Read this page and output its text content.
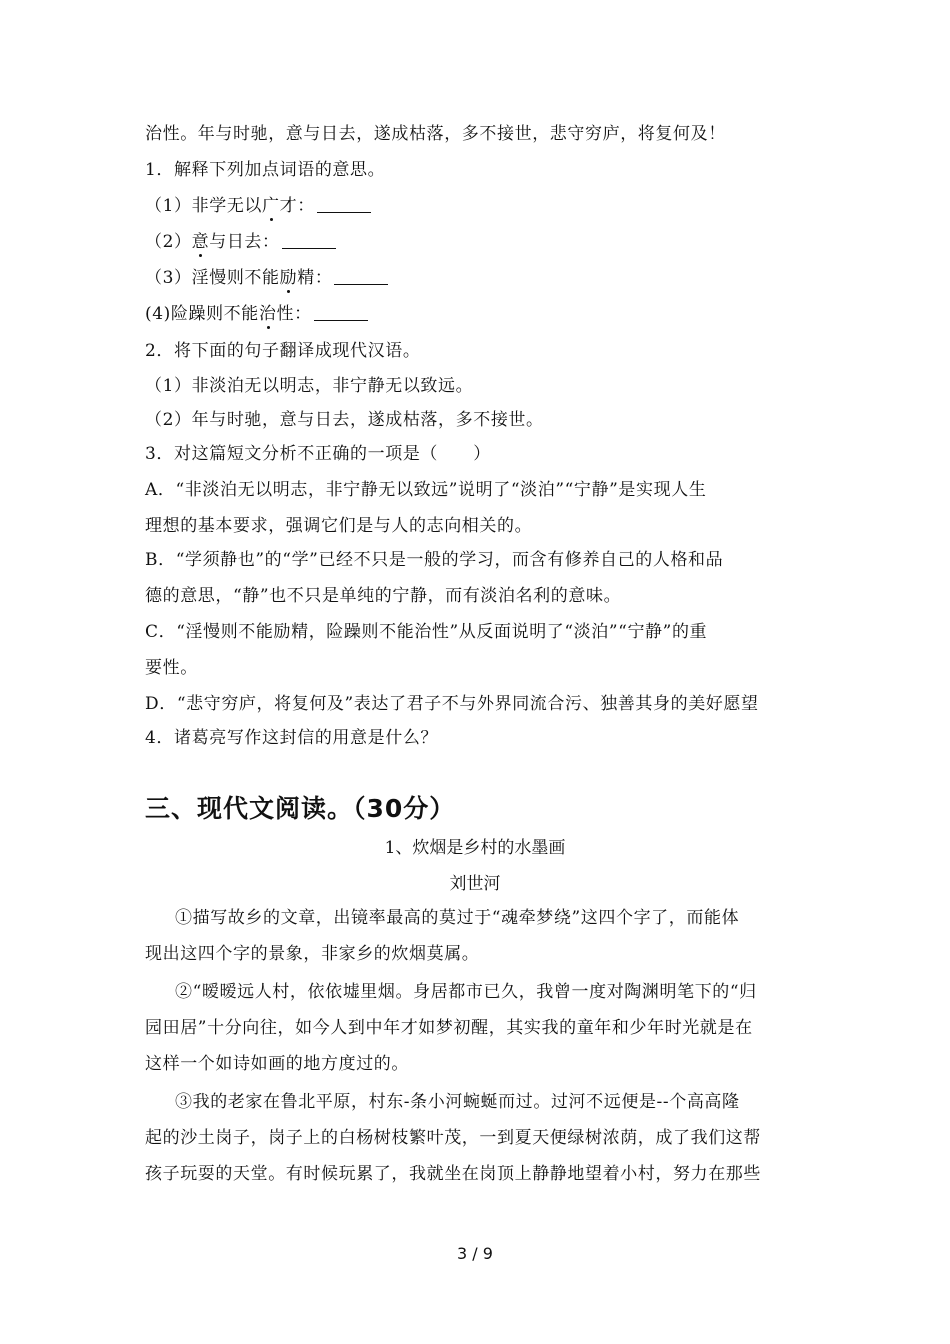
治性。年与时驰，意与日去，遂成枯落，多不接世，悲守穷庐，将复何及！
1．解释下列加点词语的意思。
（1）非学无以广才：
（2）意与日去：
（3）淫慢则不能励精：
(4)险躁则不能治性：
2．将下面的句子翻译成现代汉语。
（1）非淡泊无以明志，非宁静无以致远。
（2）年与时驰，意与日去，遂成枯落，多不接世。
3．对这篇短文分析不正确的一项是（　　）
A．“非淡泊无以明志，非宁静无以致远”说明了“淡泊”“宁静”是实现人生
理想的基本要求，强调它们是与人的志向相关的。
B．“学须静也”的“学”已经不只是一般的学习，而含有修养自己的人格和品
德的意思，“静”也不只是单纯的宁静，而有淡泊名利的意味。
C．“淫慢则不能励精，险躁则不能治性”从反面说明了“淡泊”“宁静”的重
要性。
D．“悲守穷庐，将复何及”表达了君子不与外界同流合污、独善其身的美好愿望
4．诸葛亮写作这封信的用意是什么？
三、现代文阅读。（30分）
1、炊烟是乡村的水墨画
刘世河
①描写故乡的文章，出镜率最高的莫过于“魂牵梦绕”这四个字了，而能体
现出这四个字的景象，非家乡的炊烟莫属。
②“暧暧远人村，依依墟里烟。身居都市已久，我曾一度对陶渊明笔下的“归
园田居”十分向往，如今人到中年才如梦初醒，其实我的童年和少年时光就是在
这样一个如诗如画的地方度过的。
③我的老家在鲁北平原，村东-条小河蜿蜒而过。过河不远便是--个高高隆
起的沙土岗子，岗子上的白杨树枝繁叶茂，一到夏天便绿树浓荫，成了我们这帮
孩子玩耍的天堂。有时候玩累了，我就坐在岗顶上静静地望着小村，努力在那些
3 / 9
